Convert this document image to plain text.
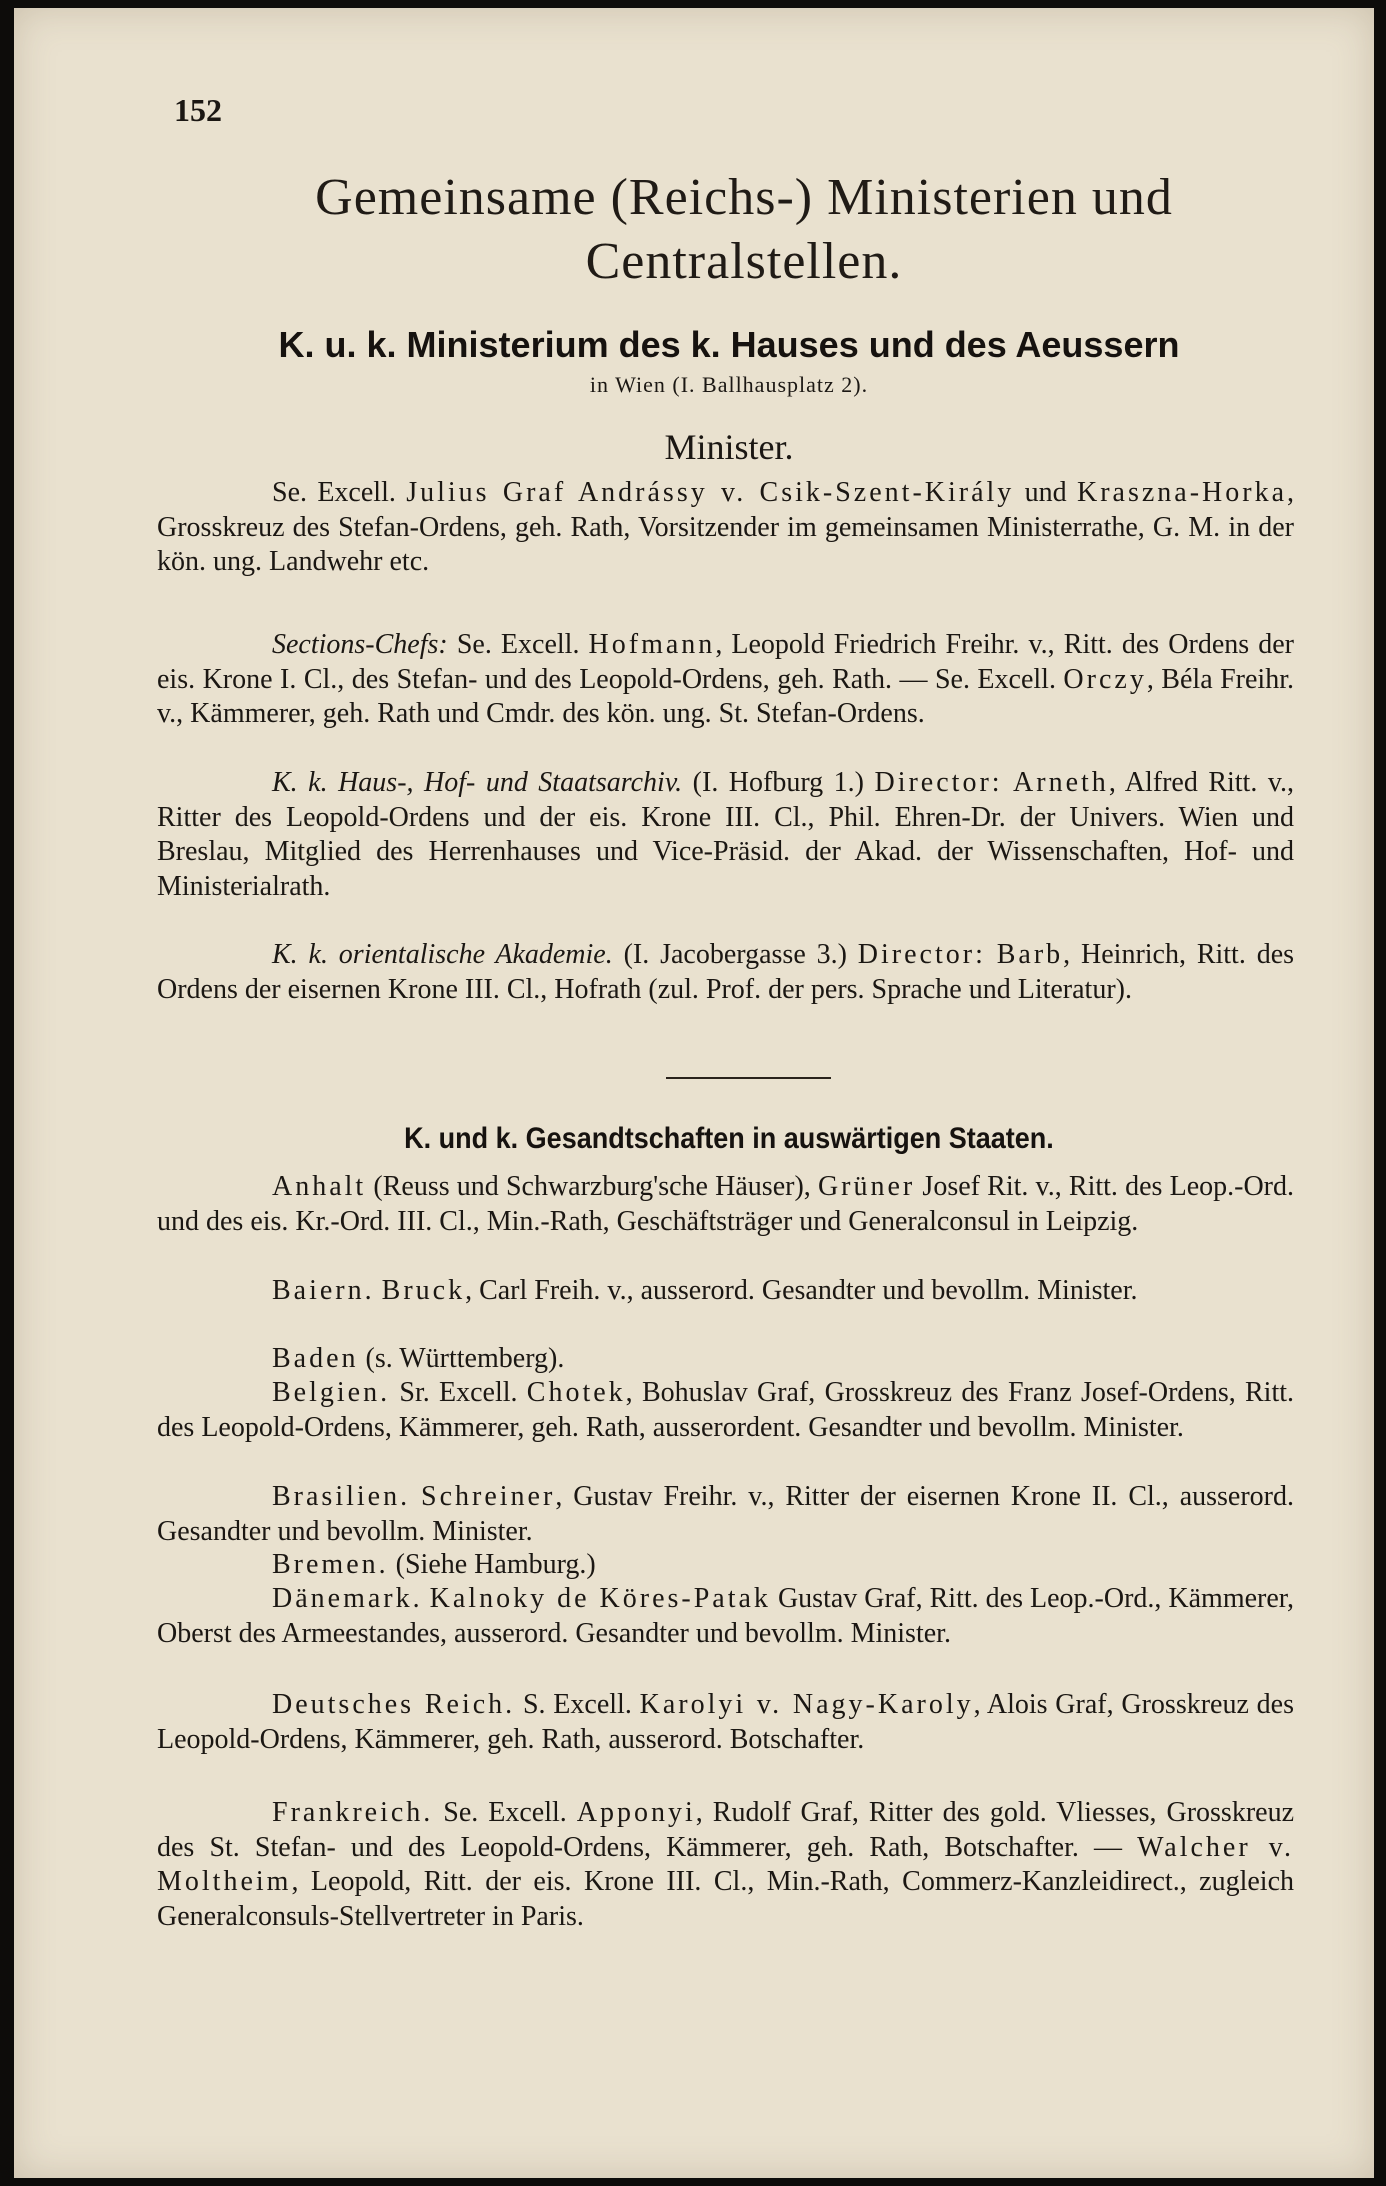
152
Gemeinsame (Reichs-) Ministerien und
Centralstellen.
K. u. k. Ministerium des k. Hauses und des Aeussern
in Wien (I. Ballhausplatz 2).
Minister.

Se. Excell. Julius Graf Andrássy v. Csik-Szent-Király und Kraszna-Horka, Grosskreuz des Stefan-Ordens, geh. Rath, Vorsitzender im gemeinsamen Ministerrathe, G. M. in der kön. ung. Landwehr etc.

Sections-Chefs: Se. Excell. Hofmann, Leopold Friedrich Freihr. v., Ritt. des Ordens der eis. Krone I. Cl., des Stefan- und des Leopold-Ordens, geh. Rath. — Se. Excell. Orczy, Béla Freihr. v., Kämmerer, geh. Rath und Cmdr. des kön. ung. St. Stefan-Ordens.

K. k. Haus-, Hof- und Staatsarchiv. (I. Hofburg 1.) Director: Arneth, Alfred Ritt. v., Ritter des Leopold-Ordens und der eis. Krone III. Cl., Phil. Ehren-Dr. der Univers. Wien und Breslau, Mitglied des Herrenhauses und Vice-Präsid. der Akad. der Wissenschaften, Hof- und Ministerialrath.

K. k. orientalische Akademie. (I. Jacobergasse 3.) Director: Barb, Heinrich, Ritt. des Ordens der eisernen Krone III. Cl., Hofrath (zul. Prof. der pers. Sprache und Literatur).

K. und k. Gesandtschaften in auswärtigen Staaten.

Anhalt (Reuss und Schwarzburg'sche Häuser), Grüner Josef Rit. v., Ritt. des Leop.-Ord. und des eis. Kr.-Ord. III. Cl., Min.-Rath, Geschäftsträger und Generalconsul in Leipzig.

Baiern. Bruck, Carl Freih. v., ausserord. Gesandter und bevollm. Minister.

Baden (s. Württemberg).

Belgien. Sr. Excell. Chotek, Bohuslav Graf, Grosskreuz des Franz Josef-Ordens, Ritt. des Leopold-Ordens, Kämmerer, geh. Rath, ausserordent. Gesandter und bevollm. Minister.

Brasilien. Schreiner, Gustav Freihr. v., Ritter der eisernen Krone II. Cl., ausserord. Gesandter und bevollm. Minister.

Bremen. (Siehe Hamburg.)

Dänemark. Kalnoky de Köres-Patak Gustav Graf, Ritt. des Leop.-Ord., Kämmerer, Oberst des Armeestandes, ausserord. Gesandter und bevollm. Minister.

Deutsches Reich. S. Excell. Karolyi v. Nagy-Karoly, Alois Graf, Grosskreuz des Leopold-Ordens, Kämmerer, geh. Rath, ausserord. Botschafter.

Frankreich. Se. Excell. Apponyi, Rudolf Graf, Ritter des gold. Vliesses, Grosskreuz des St. Stefan- und des Leopold-Ordens, Kämmerer, geh. Rath, Botschafter. — Walcher v. Moltheim, Leopold, Ritt. der eis. Krone III. Cl., Min.-Rath, Commerz-Kanzleidirect., zugleich Generalconsuls-Stellvertreter in Paris.
